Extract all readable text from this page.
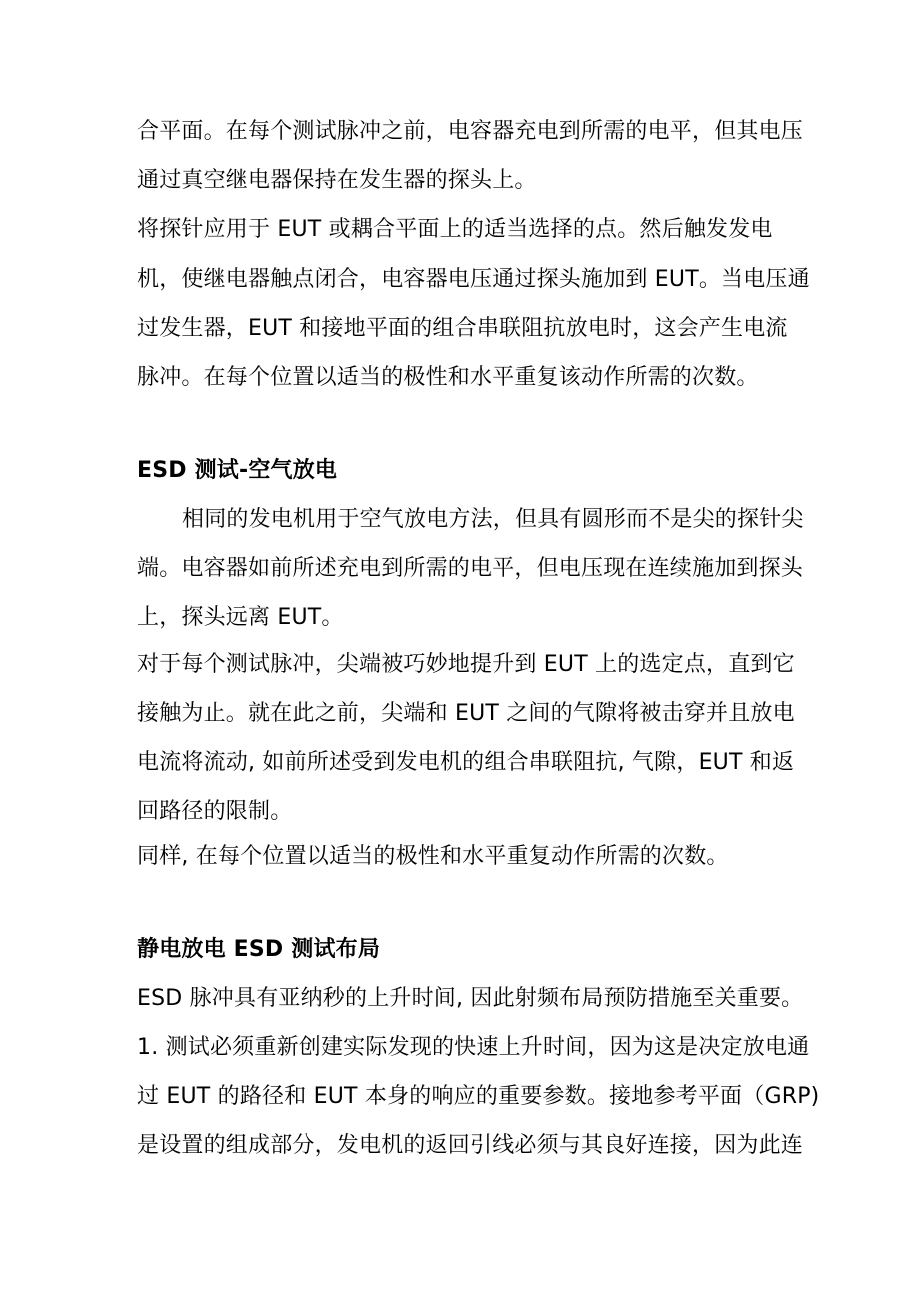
合平面。在每个测试脉冲之前，电容器充电到所需的电平，但其电压
通过真空继电器保持在发生器的探头上。
将探针应用于 EUT 或耦合平面上的适当选择的点。然后触发发电
机，使继电器触点闭合，电容器电压通过探头施加到 EUT。当电压通
过发生器，EUT 和接地平面的组合串联阻抗放电时，这会产生电流
脉冲。在每个位置以适当的极性和水平重复该动作所需的次数。
ESD 测试-空气放电
相同的发电机用于空气放电方法，但具有圆形而不是尖的探针尖
端。电容器如前所述充电到所需的电平，但电压现在连续施加到探头
上，探头远离 EUT。
对于每个测试脉冲，尖端被巧妙地提升到 EUT 上的选定点，直到它
接触为止。就在此之前，尖端和 EUT 之间的气隙将被击穿并且放电
电流将流动, 如前所述受到发电机的组合串联阻抗, 气隙，EUT 和返
回路径的限制。
同样, 在每个位置以适当的极性和水平重复动作所需的次数。
静电放电 ESD 测试布局
ESD 脉冲具有亚纳秒的上升时间, 因此射频布局预防措施至关重要。
1. 测试必须重新创建实际发现的快速上升时间，因为这是决定放电通
过 EUT 的路径和 EUT 本身的响应的重要参数。接地参考平面（GRP)
是设置的组成部分，发电机的返回引线必须与其良好连接，因为此连
